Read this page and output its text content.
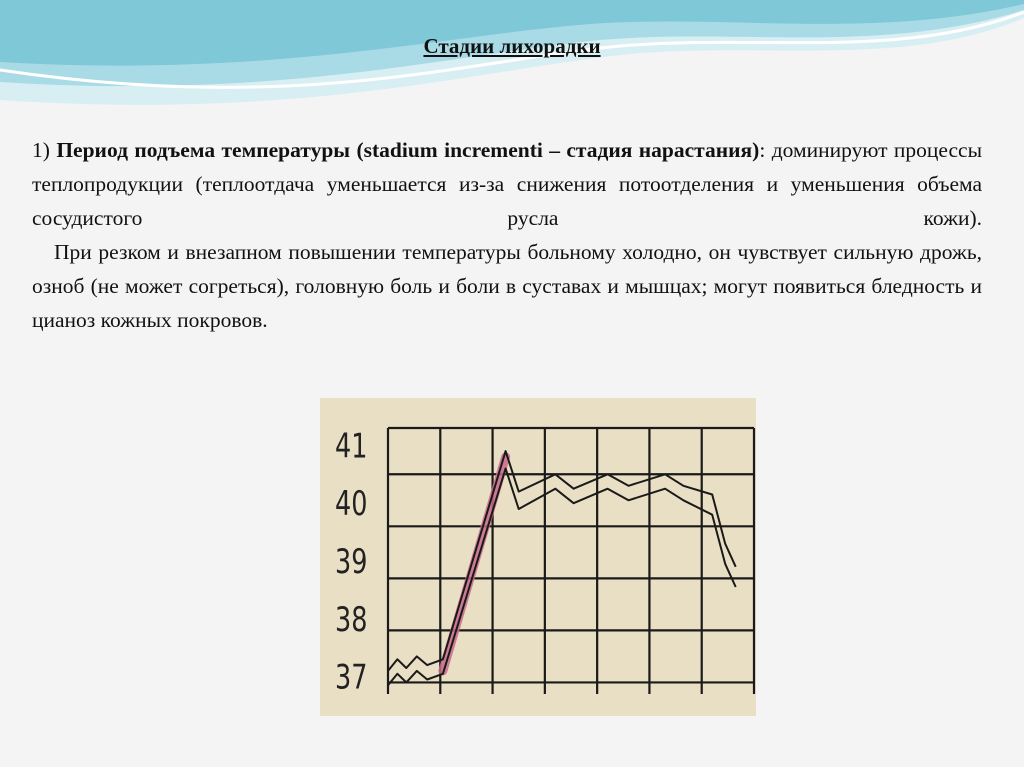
Стадии лихорадки
1) Период подъема температуры (stadium incrementi – стадия нарастания): доминируют процессы теплопродукции (теплоотдача уменьшается из-за снижения потоотделения и уменьшения объема сосудистого русла кожи).
При резком и внезапном повышении температуры больному холодно, он чувствует сильную дрожь, озноб (не может согреться), головную боль и боли в суставах и мышцах; могут появиться бледность и цианоз кожных покровов.
41
40
39
38
37
